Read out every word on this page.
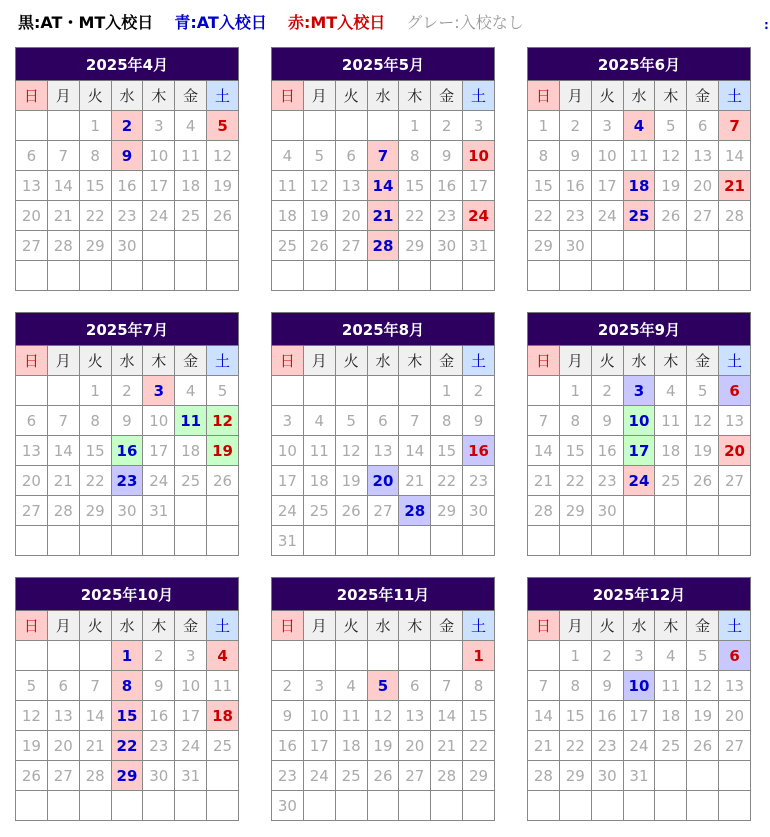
黒:AT・MT入校日 青:AT入校日 赤:MT入校日 グレー:入校なし	:
2025年4月						
日	月	火	水	木	金	土
		1	2	3	4	5
6	7	8	9	10	11	12
13	14	15	16	17	18	19
20	21	22	23	24	25	26
27	28	29	30			

2025年5月						
日	月	火	水	木	金	土
				1	2	3
4	5	6	7	8	9	10
11	12	13	14	15	16	17
18	19	20	21	22	23	24
25	26	27	28	29	30	31

2025年6月						
日	月	火	水	木	金	土
1	2	3	4	5	6	7
8	9	10	11	12	13	14
15	16	17	18	19	20	21
22	23	24	25	26	27	28
29	30					

2025年7月						
日	月	火	水	木	金	土
		1	2	3	4	5
6	7	8	9	10	11	12
13	14	15	16	17	18	19
20	21	22	23	24	25	26
27	28	29	30	31		

2025年8月						
日	月	火	水	木	金	土
					1	2
3	4	5	6	7	8	9
10	11	12	13	14	15	16
17	18	19	20	21	22	23
24	25	26	27	28	29	30
31						
2025年9月						
日	月	火	水	木	金	土
	1	2	3	4	5	6
7	8	9	10	11	12	13
14	15	16	17	18	19	20
21	22	23	24	25	26	27
28	29	30				

2025年10月						
日	月	火	水	木	金	土
			1	2	3	4
5	6	7	8	9	10	11
12	13	14	15	16	17	18
19	20	21	22	23	24	25
26	27	28	29	30	31	

2025年11月						
日	月	火	水	木	金	土
						1
2	3	4	5	6	7	8
9	10	11	12	13	14	15
16	17	18	19	20	21	22
23	24	25	26	27	28	29
30						
2025年12月						
日	月	火	水	木	金	土
	1	2	3	4	5	6
7	8	9	10	11	12	13
14	15	16	17	18	19	20
21	22	23	24	25	26	27
28	29	30	31			
